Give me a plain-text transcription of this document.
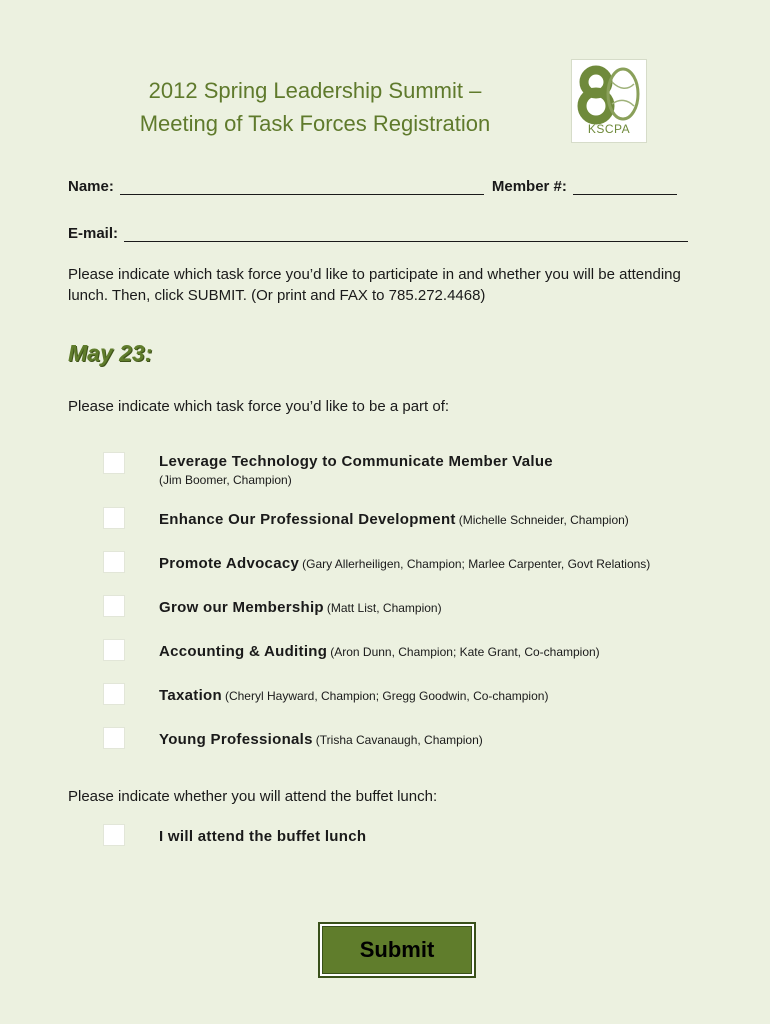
2012 Spring Leadership Summit –
Meeting of Task Forces Registration	KSCPA
Name:	Member #:
E-mail:
Please indicate which task force you’d like to participate in and whether you will be attending lunch. Then, click SUBMIT. (Or print and FAX to 785.272.4468)
May 23:
Please indicate which task force you’d like to be a part of:
Leverage Technology to Communicate Member Value
(Jim Boomer, Champion)
Enhance Our Professional Development (Michelle Schneider, Champion)
Promote Advocacy (Gary Allerheiligen, Champion; Marlee Carpenter, Govt Relations)
Grow our Membership (Matt List, Champion)
Accounting & Auditing (Aron Dunn, Champion; Kate Grant, Co-champion)
Taxation (Cheryl Hayward, Champion; Gregg Goodwin, Co-champion)
Young Professionals (Trisha Cavanaugh, Champion)
Please indicate whether you will attend the buffet lunch:
I will attend the buffet lunch
Submit
